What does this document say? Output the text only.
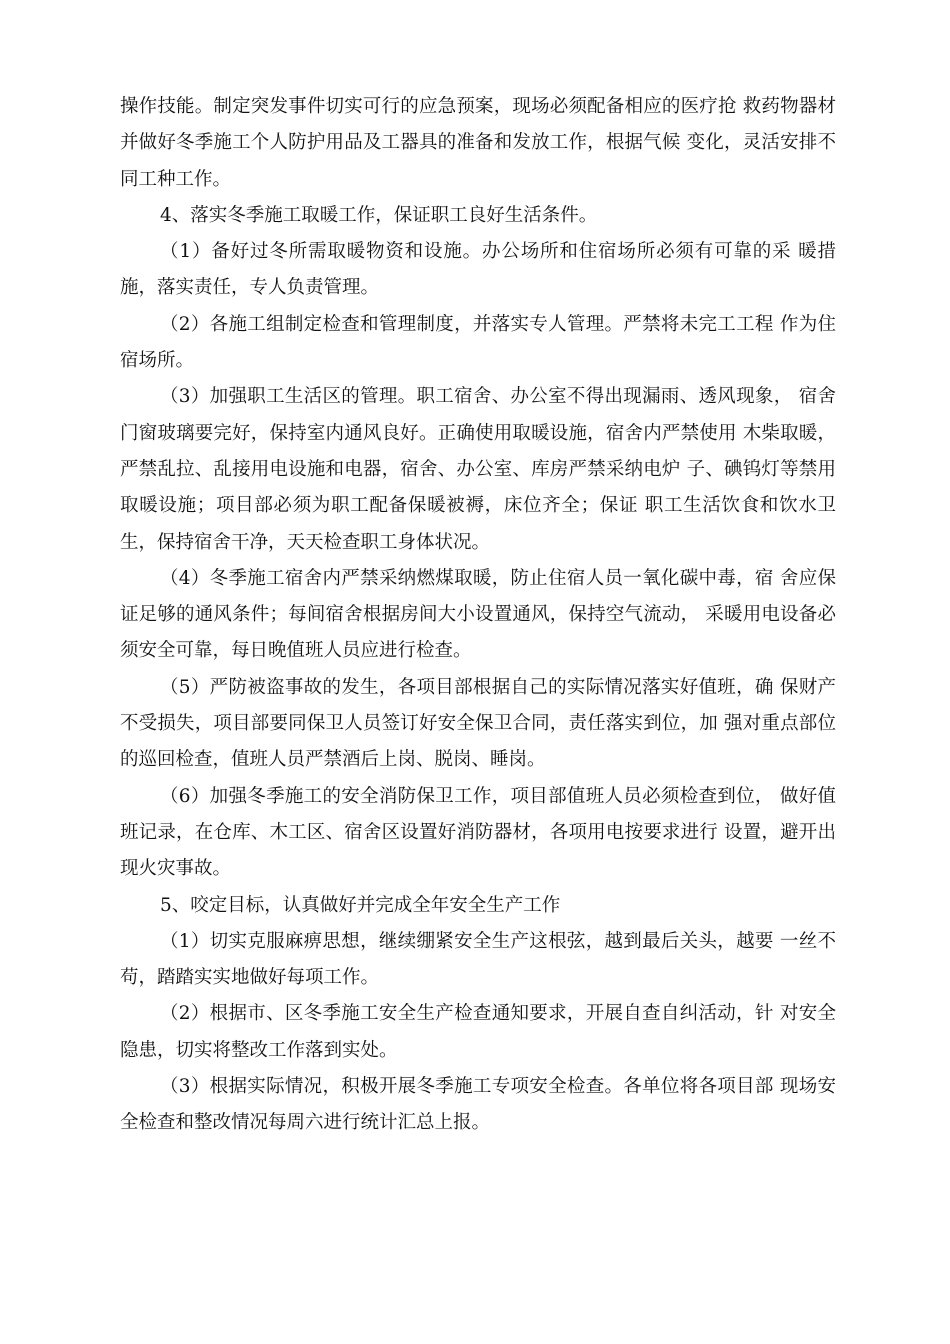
操作技能。制定突发事件切实可行的应急预案，现场必须配备相应的医疗抢 救药物器材并做好冬季施工个人防护用品及工器具的准备和发放工作，根据气候 变化，灵活安排不同工种工作。

4、落实冬季施工取暖工作，保证职工良好生活条件。

（1）备好过冬所需取暖物资和设施。办公场所和住宿场所必须有可靠的采 暖措施，落实责任，专人负责管理。

（2）各施工组制定检查和管理制度，并落实专人管理。严禁将未完工工程 作为住宿场所。

（3）加强职工生活区的管理。职工宿舍、办公室不得出现漏雨、透风现象， 宿舍门窗玻璃要完好，保持室内通风良好。正确使用取暖设施，宿舍内严禁使用 木柴取暖，严禁乱拉、乱接用电设施和电器，宿舍、办公室、库房严禁采纳电炉 子、碘钨灯等禁用取暖设施；项目部必须为职工配备保暖被褥，床位齐全；保证 职工生活饮食和饮水卫生，保持宿舍干净，天天检查职工身体状况。

（4）冬季施工宿舍内严禁采纳燃煤取暖，防止住宿人员一氧化碳中毒，宿 舍应保证足够的通风条件；每间宿舍根据房间大小设置通风，保持空气流动， 采暖用电设备必须安全可靠，每日晚值班人员应进行检查。

（5）严防被盗事故的发生，各项目部根据自己的实际情况落实好值班，确 保财产不受损失，项目部要同保卫人员签订好安全保卫合同，责任落实到位，加 强对重点部位的巡回检查，值班人员严禁酒后上岗、脱岗、睡岗。

（6）加强冬季施工的安全消防保卫工作，项目部值班人员必须检查到位， 做好值班记录，在仓库、木工区、宿舍区设置好消防器材，各项用电按要求进行 设置，避开出现火灾事故。

5、咬定目标，认真做好并完成全年安全生产工作

（1）切实克服麻痹思想，继续绷紧安全生产这根弦，越到最后关头，越要 一丝不苟，踏踏实实地做好每项工作。

（2）根据市、区冬季施工安全生产检查通知要求，开展自查自纠活动，针 对安全隐患，切实将整改工作落到实处。

（3）根据实际情况，积极开展冬季施工专项安全检查。各单位将各项目部 现场安全检查和整改情况每周六进行统计汇总上报。
